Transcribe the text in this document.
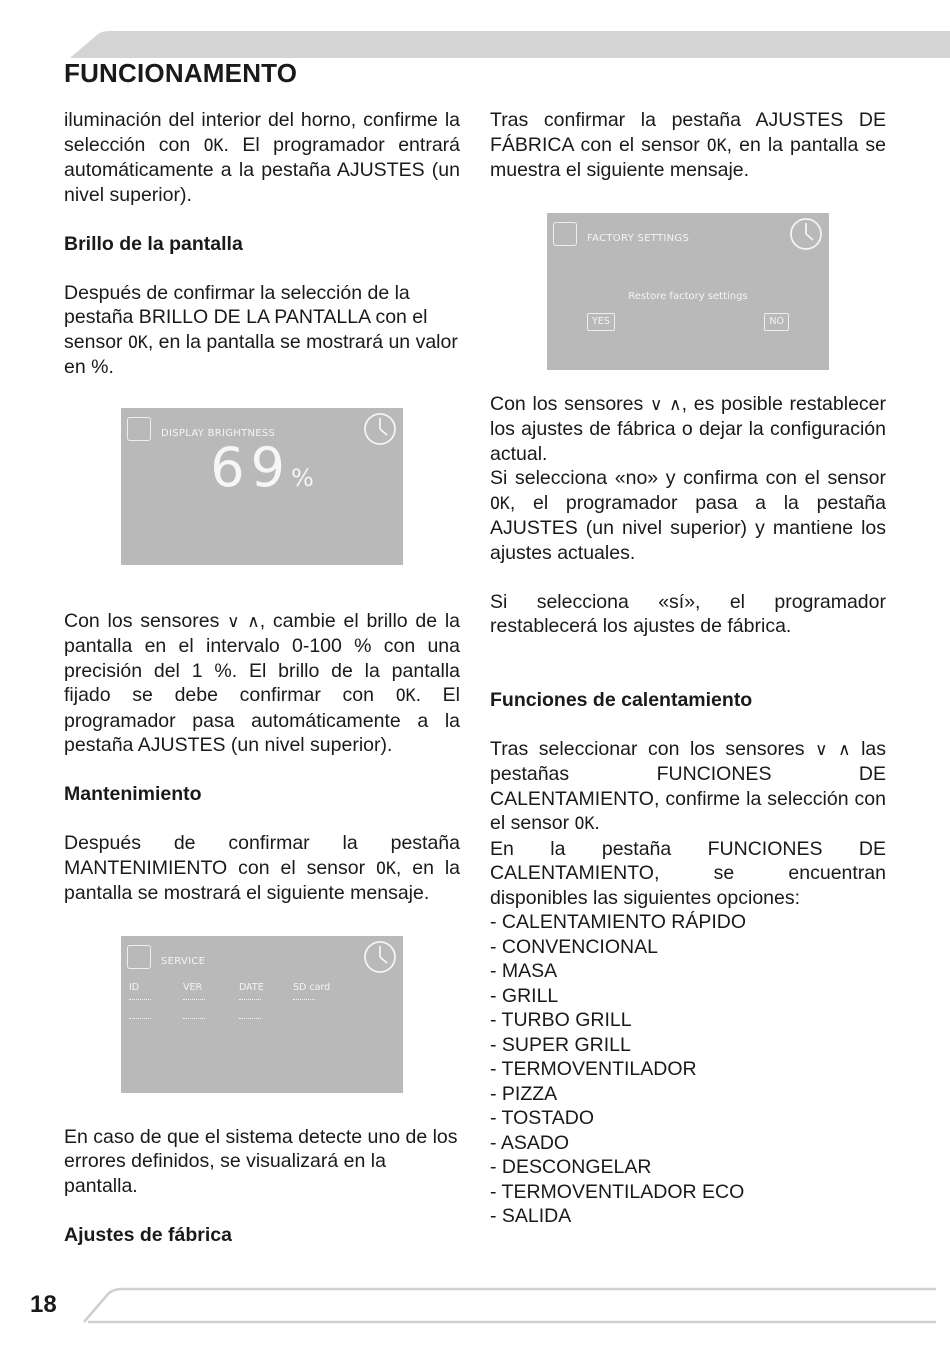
FUNCIONAMENTO

iluminación del interior del horno, confirme la selección con OK. El programador entrará automáticamente a la pestaña AJUSTES (un nivel superior).

Brillo de la pantalla

Después de confirmar la selección de la pestaña BRILLO DE LA PANTALLA con el sensor OK, en la pantalla se mostrará un valor en %.

DISPLAY BRIGHTNESS
69%

Con los sensores ∨ ∧, cambie el brillo de la pantalla en el intervalo 0-100 % con una precisión del 1 %. El brillo de la pantalla fijado se debe confirmar con OK. El programador pasa automáticamente a la pestaña AJUSTES (un nivel superior).

Mantenimiento

Después de confirmar la pestaña MANTENIMIENTO con el sensor OK, en la pantalla se mostrará el siguiente mensaje.

SERVICE
ID	VER	DATE	SD card

En caso de que el sistema detecte uno de los errores definidos, se visualizará en la pantalla.

Ajustes de fábrica

Tras confirmar la pestaña AJUSTES DE FÁBRICA con el sensor OK, en la pantalla se muestra el siguiente mensaje.

FACTORY SETTINGS
Restore factory settings
YES	NO

Con los sensores ∨ ∧, es posible restablecer los ajustes de fábrica o dejar la configuración actual.

Si selecciona «no» y confirma con el sensor OK, el programador pasa a la pestaña AJUSTES (un nivel superior) y mantiene los ajustes actuales.

Si selecciona «sí», el programador restablecerá los ajustes de fábrica.

Funciones de calentamiento

Tras seleccionar con los sensores ∨ ∧ las pestañas FUNCIONES DE CALENTAMIENTO, confirme la selección con el sensor OK.

En la pestaña FUNCIONES DE CALENTAMIENTO, se encuentran disponibles las siguientes opciones:

- CALENTAMIENTO RÁPIDO

- CONVENCIONAL

- MASA

- GRILL

- TURBO GRILL

- SUPER GRILL

- TERMOVENTILADOR

- PIZZA

- TOSTADO

- ASADO

- DESCONGELAR

- TERMOVENTILADOR ECO

- SALIDA

18
